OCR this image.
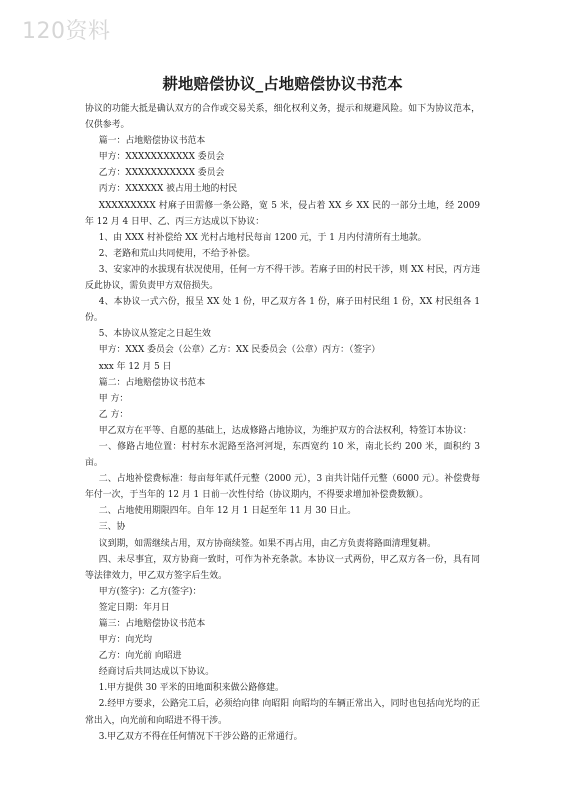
120资料
耕地赔偿协议_占地赔偿协议书范本

协议的功能大抵是确认双方的合作或交易关系，细化权利义务，提示和规避风险。如下为协议范本，仅供参考。

篇一：占地赔偿协议书范本

甲方：XXXXXXXXXXX 委员会

乙方：XXXXXXXXXXX 委员会

丙方：XXXXXX 被占用土地的村民

XXXXXXXXX 村麻子田需修一条公路，宽 5 米，侵占着 XX 乡 XX 民的一部分土地，经 2009 年 12 月 4 日甲、乙、丙三方达成以下协议：

1、由 XXX 村补偿给 XX 光村占地村民每亩 1200 元，于 1 月内付清所有土地款。

2、老路和荒山共同使用，不给予补偿。

3、安家冲的水拔现有状况使用，任何一方不得干涉。若麻子田的村民干涉，则 XX 村民，丙方违反此协议，需负责甲方双倍损失。

4、本协议一式六份，报呈 XX 处 1 份，甲乙双方各 1 份，麻子田村民组 1 份，XX 村民组各 1 份。

5、本协议从签定之日起生效

甲方：XXX 委员会（公章）乙方：XX 民委员会（公章）丙方：（签字）

xxx 年 12 月 5 日

篇二：占地赔偿协议书范本

甲 方：

乙 方：

甲乙双方在平等、自愿的基础上，达成修路占地协议，为维护双方的合法权利，特签订本协议：

一、修路占地位置：村村东水泥路至洛河河堤，东西宽约 10 米，南北长约 200 米，面积约 3 亩。

二、占地补偿费标准：每亩每年贰仟元整（2000 元），3 亩共计陆仟元整（6000 元）。补偿费每年付一次，于当年的 12 月 1 日前一次性付给（协议期内，不得要求增加补偿费数额）。

二、占地使用期限四年。自年 12 月 1 日起至年 11 月 30 日止。

三、协

议到期，如需继续占用，双方协商续签。如果不再占用，由乙方负责将路面清理复耕。

四、未尽事宜，双方协商一致时，可作为补充条款。本协议一式两份，甲乙双方各一份，具有同等法律效力，甲乙双方签字后生效。

甲方(签字)：乙方(签字)：

签定日期：年月日

篇三：占地赔偿协议书范本

甲方：向光均

乙方：向光前 向昭进

经商讨后共同达成以下协议。

1.甲方提供 30 平米的田地面积来做公路修建。

2.经甲方要求，公路完工后，必须给向律 向昭阳 向昭均的车辆正常出入，同时也包括向光均的正常出入，向光前和向昭进不得干涉。

3.甲乙双方不得在任何情况下干涉公路的正常通行。
